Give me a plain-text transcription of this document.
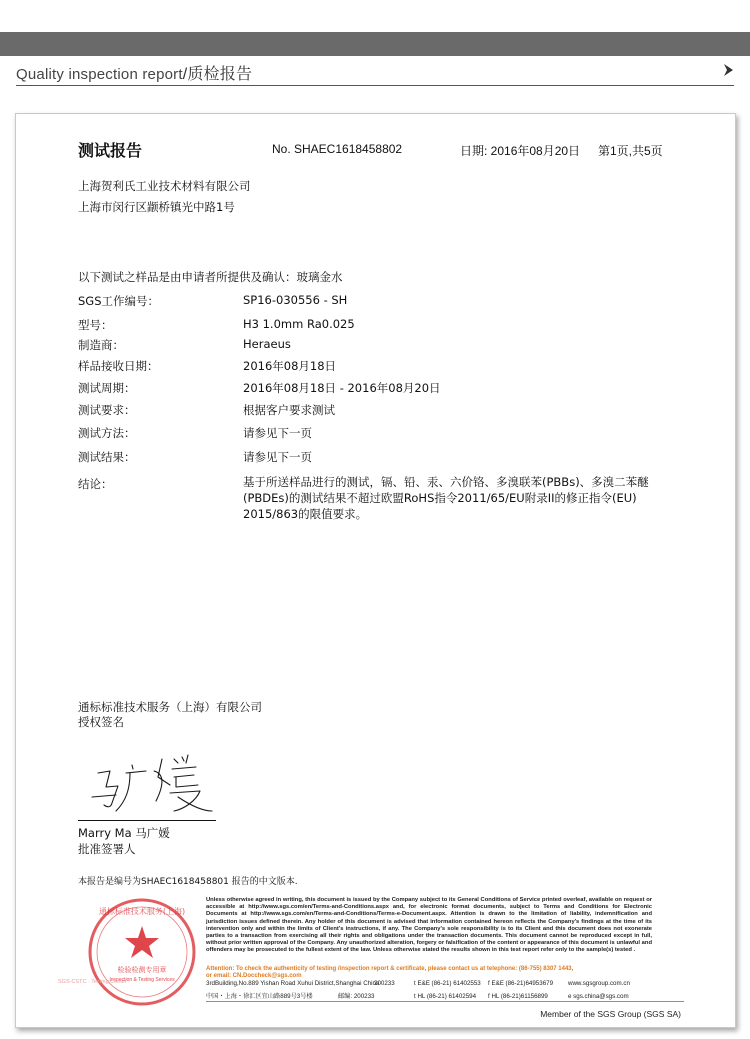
Quality inspection report/质检报告
测试报告	No. SHAEC1618458802	日期: 2016年08月20日 第1页,共5页
上海贺利氏工业技术材料有限公司
上海市闵行区颛桥镇光中路1号
以下测试之样品是由申请者所提供及确认：玻璃金水
SGS工作编号：	SP16-030556 - SH
型号：	H3 1.0mm Ra0.025
制造商：	Heraeus
样品接收日期：	2016年08月18日
测试周期：	2016年08月18日 - 2016年08月20日
测试要求：	根据客户要求测试
测试方法：	请参见下一页
测试结果：	请参见下一页
结论：	基于所送样品进行的测试，镉、铅、汞、六价铬、多溴联苯(PBBs)、多溴二苯醚(PBDEs)的测试结果不超过欧盟RoHS指令2011/65/EU附录II的修正指令(EU) 2015/863的限值要求。
通标标准技术服务（上海）有限公司
授权签名
Marry Ma 马广媛
批准签署人
本报告是编号为SHAEC1618458801 报告的中文版本.
通标标准技术服务(上海)
检验检测专用章
Inspection & Testing Services
SGS-CSTC · Testing Center
Unless otherwise agreed in writing, this document is issued by the Company subject to its General Conditions of Service printed overleaf, available on request or accessible at http://www.sgs.com/en/Terms-and-Conditions.aspx and, for electronic format documents, subject to Terms and Conditions for Electronic Documents at http://www.sgs.com/en/Terms-and-Conditions/Terms-e-Document.aspx. Attention is drawn to the limitation of liability, indemnification and jurisdiction issues defined therein. Any holder of this document is advised that information contained hereon reflects the Company's findings at the time of its intervention only and within the limits of Client's instructions, if any. The Company's sole responsibility is to its Client and this document does not exonerate parties to a transaction from exercising all their rights and obligations under the transaction documents. This document cannot be reproduced except in full, without prior written approval of the Company. Any unauthorized alteration, forgery or falsification of the content or appearance of this document is unlawful and offenders may be prosecuted to the fullest extent of the law. Unless otherwise stated the results shown in this test report refer only to the sample(s) tested .
Attention: To check the authenticity of testing /inspection report & certificate, please contact us at telephone: (86-755) 8307 1443,
or email: CN.Doccheck@sgs.com
3rdBuilding,No.889 Yishan Road Xuhui District,Shanghai China200233	t E&E (86-21) 61402553 f E&E (86-21)64953679 www.sgsgroup.com.cn
中国・上海・徐汇区宜山路889号3号楼	邮编: 200233	t HL (86-21) 61402594 f HL (86-21)61156899	e sgs.china@sgs.com
Member of the SGS Group (SGS SA)
